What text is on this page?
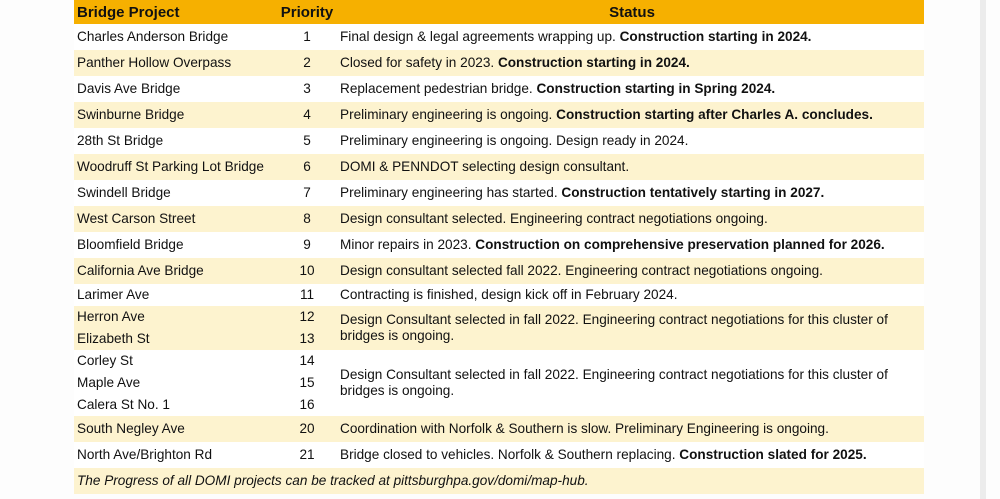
Bridge Project	Priority	Status
Charles Anderson Bridge	1	Final design & legal agreements wrapping up. Construction starting in 2024.
Panther Hollow Overpass	2	Closed for safety in 2023. Construction starting in 2024.
Davis Ave Bridge	3	Replacement pedestrian bridge. Construction starting in Spring 2024.
Swinburne Bridge	4	Preliminary engineering is ongoing. Construction starting after Charles A. concludes.
28th St Bridge	5	Preliminary engineering is ongoing. Design ready in 2024.
Woodruff St Parking Lot Bridge	6	DOMI & PENNDOT selecting design consultant.
Swindell Bridge	7	Preliminary engineering has started. Construction tentatively starting in 2027.
West Carson Street	8	Design consultant selected. Engineering contract negotiations ongoing.
Bloomfield Bridge	9	Minor repairs in 2023. Construction on comprehensive preservation planned for 2026.
California Ave Bridge	10	Design consultant selected fall 2022. Engineering contract negotiations ongoing.
Larimer Ave	11	Contracting is finished, design kick off in February 2024.
Herron Ave	12	Design Consultant selected in fall 2022. Engineering contract negotiations for this cluster of bridges is ongoing.
Elizabeth St	13	
Corley St	14	Design Consultant selected in fall 2022. Engineering contract negotiations for this cluster of bridges is ongoing.
Maple Ave	15	
Calera St No. 1	16	
South Negley Ave	20	Coordination with Norfolk & Southern is slow. Preliminary Engineering is ongoing.
North Ave/Brighton Rd	21	Bridge closed to vehicles. Norfolk & Southern replacing. Construction slated for 2025.
The Progress of all DOMI projects can be tracked at pittsburghpa.gov/domi/map-hub.		
